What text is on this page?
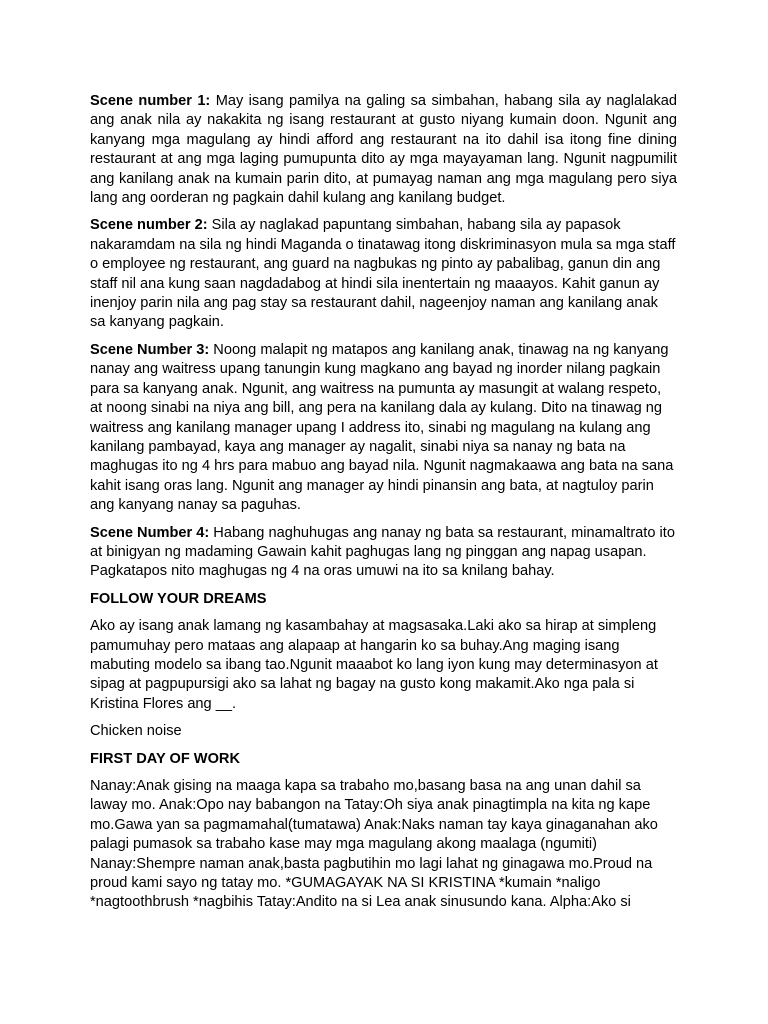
Scene number 1: May isang pamilya na galing sa simbahan, habang sila ay naglalakad ang anak nila ay nakakita ng isang restaurant at gusto niyang kumain doon. Ngunit ang kanyang mga magulang ay hindi afford ang restaurant na ito dahil isa itong fine dining restaurant at ang mga laging pumupunta dito ay mga mayayaman lang. Ngunit nagpumilit ang kanilang anak na kumain parin dito, at pumayag naman ang mga magulang pero siya lang ang oorderan ng pagkain dahil kulang ang kanilang budget.

Scene number 2: Sila ay naglakad papuntang simbahan, habang sila ay papasok nakaramdam na sila ng hindi Maganda o tinatawag itong diskriminasyon mula sa mga staff o employee ng restaurant, ang guard na nagbukas ng pinto ay pabalibag, ganun din ang staff nil ana kung saan nagdadabog at hindi sila inentertain ng maaayos. Kahit ganun ay inenjoy parin nila ang pag stay sa restaurant dahil, nageenjoy naman ang kanilang anak sa kanyang pagkain.

Scene Number 3: Noong malapit ng matapos ang kanilang anak, tinawag na ng kanyang nanay ang waitress upang tanungin kung magkano ang bayad ng inorder nilang pagkain para sa kanyang anak. Ngunit, ang waitress na pumunta ay masungit at walang respeto, at noong sinabi na niya ang bill, ang pera na kanilang dala ay kulang. Dito na tinawag ng waitress ang kanilang manager upang I address ito, sinabi ng magulang na kulang ang kanilang pambayad, kaya ang manager ay nagalit, sinabi niya sa nanay ng bata na maghugas ito ng 4 hrs para mabuo ang bayad nila. Ngunit nagmakaawa ang bata na sana kahit isang oras lang. Ngunit ang manager ay hindi pinansin ang bata, at nagtuloy parin ang kanyang nanay sa paguhas.

Scene Number 4: Habang naghuhugas ang nanay ng bata sa restaurant, minamaltrato ito at binigyan ng madaming Gawain kahit paghugas lang ng pinggan ang napag usapan. Pagkatapos nito maghugas ng 4 na oras umuwi na ito sa knilang bahay.

FOLLOW YOUR DREAMS

Ako ay isang anak lamang ng kasambahay at magsasaka.Laki ako sa hirap at simpleng pamumuhay pero mataas ang alapaap at hangarin ko sa buhay.Ang maging isang mabuting modelo sa ibang tao.Ngunit maaabot ko lang iyon kung may determinasyon at sipag at pagpupursigi ako sa lahat ng bagay na gusto kong makamit.Ako nga pala si Kristina Flores ang __.

Chicken noise

FIRST DAY OF WORK

Nanay:Anak gising na maaga kapa sa trabaho mo,basang basa na ang unan dahil sa laway mo. Anak:Opo nay babangon na Tatay:Oh siya anak pinagtimpla na kita ng kape mo.Gawa yan sa pagmamahal(tumatawa) Anak:Naks naman tay kaya ginaganahan ako palagi pumasok sa trabaho kase may mga magulang akong maalaga (ngumiti) Nanay:Shempre naman anak,basta pagbutihin mo lagi lahat ng ginagawa mo.Proud na proud kami sayo ng tatay mo. *GUMAGAYAK NA SI KRISTINA *kumain *naligo *nagtoothbrush *nagbihis Tatay:Andito na si Lea anak sinusundo kana. Alpha:Ako si
